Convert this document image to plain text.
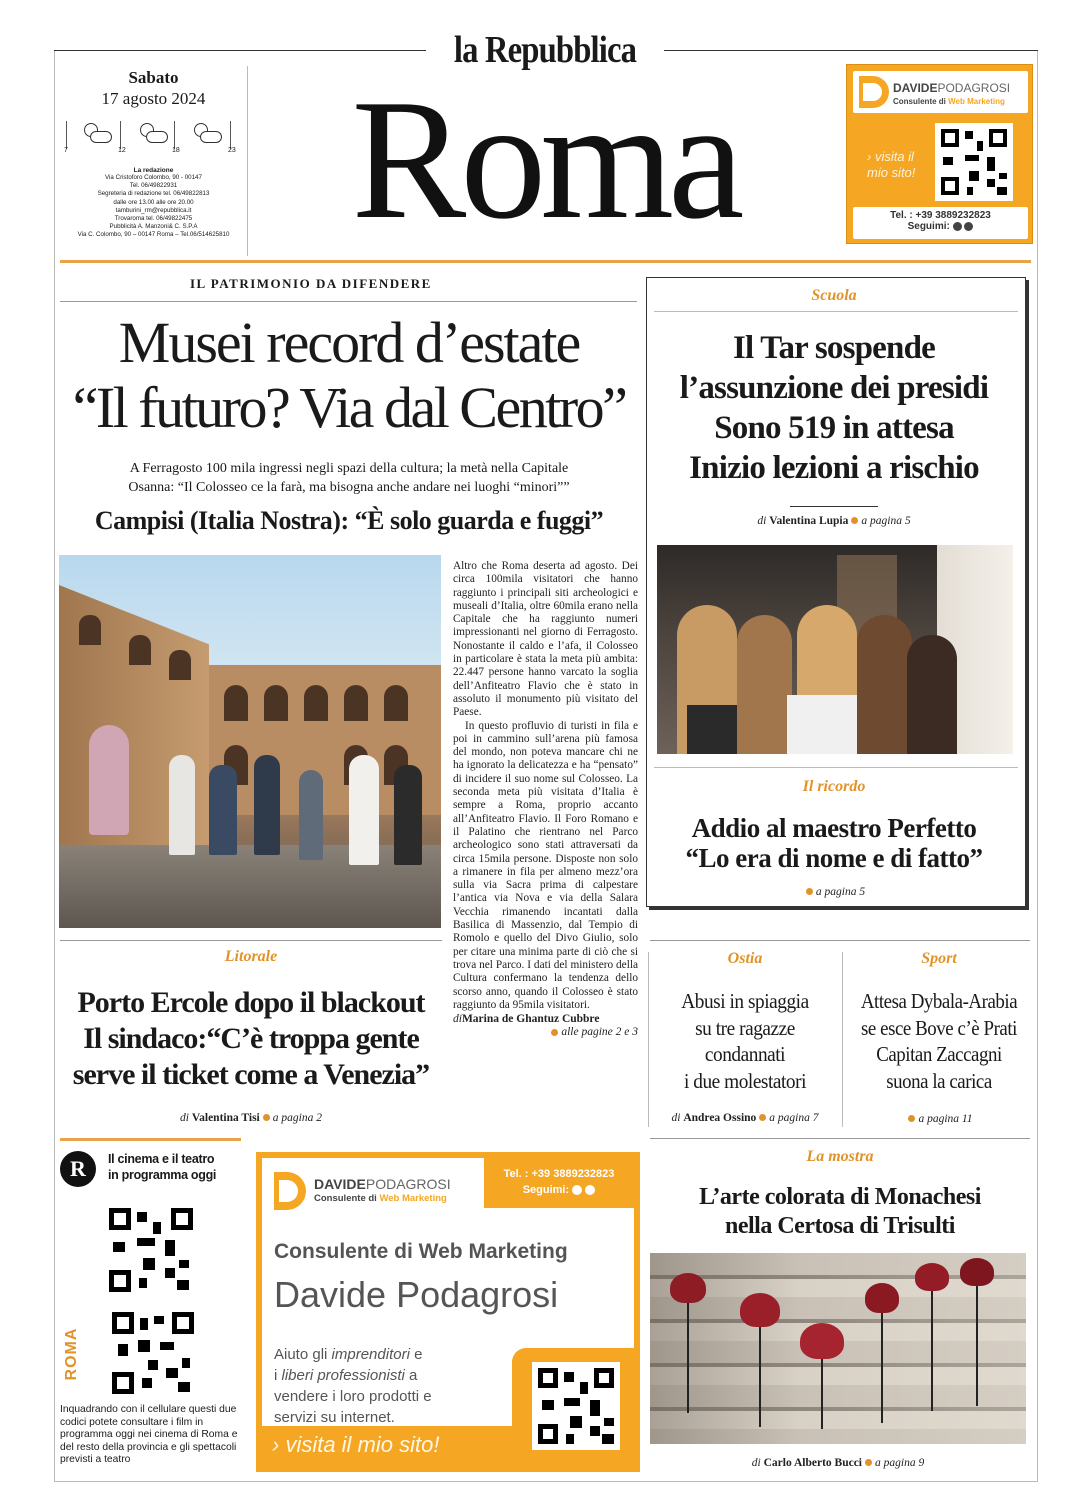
la Repubblica
Sabato
17 agosto 2024
7	12	18	23
La redazione
Via Cristoforo Colombo, 90 - 00147
Tel. 06/49822931
Segreteria di redazione tel. 06/49822813
dalle ore 13.00 alle ore 20.00
tamburini_rm@repubblica.it
Trovaroma tel. 06/49822475
Pubblicità A. Manzoni& C. S.P.A
Via C. Colombo, 90 – 00147 Roma – Tel.06/514625810 Roma	DAVIDEPODAGROSI
Consulente di Web Marketing
› visita il
mio sito!
Tel. : +39 3889232823
Seguimi:
IL PATRIMONIO DA DIFENDERE
Musei record d’estate
“Il futuro? Via dal Centro”
A Ferragosto 100 mila ingressi negli spazi della cultura; la metà nella Capitale
Osanna: “Il Colosseo ce la farà, ma bisogna anche andare nei luoghi “minori””
Campisi (Italia Nostra): “È solo guarda e fuggi”

Altro che Roma deserta ad agosto. Dei circa 100mila visitatori che hanno raggiunto i principali siti archeologici e museali d’Italia, oltre 60mila erano nella Capitale che ha raggiunto numeri impressionanti nel giorno di Ferragosto. Nonostante il caldo e l’afa, il Colosseo in particolare è stata la meta più ambita: 22.447 persone hanno varcato la soglia dell’Anfiteatro Flavio che è stato in assoluto il monumento più visitato del Paese.

In questo profluvio di turisti in fila e poi in cammino sull’arena più famosa del mondo, non poteva mancare chi ne ha ignorato la delicatezza e ha “pensato” di incidere il suo nome sul Colosseo. La seconda meta più visitata d’Italia è sempre a Roma, proprio accanto all’Anfiteatro Flavio. Il Foro Romano e il Palatino che rientrano nel Parco archeologico sono stati attraversati da circa 15mila persone. Disposte non solo a rimanere in fila per almeno mezz’ora sulla via Sacra prima di calpestare l’antica via Nova e via della Salara Vecchia rimanendo incantati dalla Basilica di Massenzio, dal Tempio di Romolo e quello del Divo Giulio, solo per citare una minima parte di ciò che si trova nel Parco. I dati del ministero della Cultura confermano la tendenza dello scorso anno, quando il Colosseo è stato raggiunto da 95mila visitatori.

diMarina de Ghantuz Cubbre
alle pagine 2 e 3
Litorale
Porto Ercole dopo il blackout
Il sindaco:“C’è troppa gente
serve il ticket come a Venezia”
di Valentina Tisi a pagina 2
Scuola
Il Tar sospende
l’assunzione dei presidi
Sono 519 in attesa
Inizio lezioni a rischio
di Valentina Lupia a pagina 5
Il ricordo
Addio al maestro Perfetto
“Lo era di nome e di fatto”
a pagina 5
Ostia
Abusi in spiaggia
su tre ragazze
condannati
i due molestatori
di Andrea Ossino a pagina 7
Sport
Attesa Dybala-Arabia
se esce Bove c’è Prati
Capitan Zaccagni
suona la carica
a pagina 11
R	Il cinema e il teatro
in programma oggi
ROMA
Inquadrando con il cellulare questi due codici potete consultare i film in programma oggi nei cinema di Roma e del resto della provincia e gli spettacoli previsti a teatro
Tel. : +39 3889232823
Seguimi:
DAVIDEPODAGROSI
Consulente di Web Marketing
Consulente di Web Marketing
Davide Podagrosi
Aiuto gli imprenditori e
i liberi professionisti a
vendere i loro prodotti e
servizi su internet.
› visita il mio sito!
La mostra
L’arte colorata di Monachesi
nella Certosa di Trisulti
di Carlo Alberto Bucci a pagina 9
